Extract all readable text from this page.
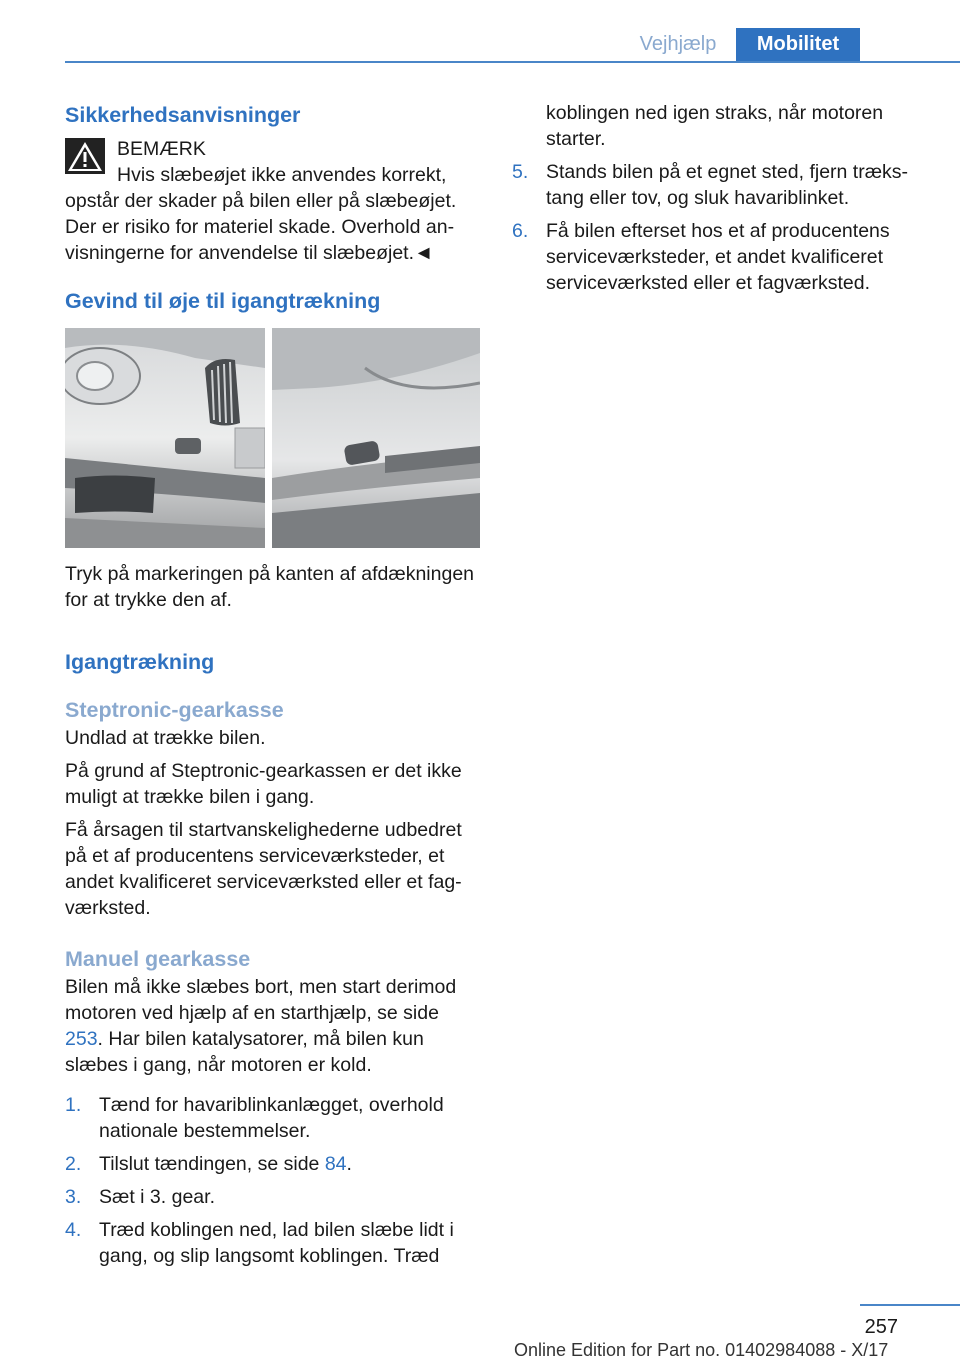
Vejhjælp	Mobilitet
Sikkerhedsanvisninger
BEMÆRK
Hvis slæbeøjet ikke anvendes korrekt,
opstår der skader på bilen eller på slæbeøjet. Der er risiko for materiel skade. Overhold anvisningerne for anvendelse til slæbeøjet.◄
Gevind til øje til igangtrækning

Tryk på markeringen på kanten af afdækningen for at trykke den af.

Igangtrækning
Steptronic-gearkasse

Undlad at trække bilen.

På grund af Steptronic-gearkassen er det ikke muligt at trække bilen i gang.

Få årsagen til startvanskelighederne udbedret på et af producentens serviceværksteder, et andet kvalificeret serviceværksted eller et fagværksted.

Manuel gearkasse

Bilen må ikke slæbes bort, men start derimod motoren ved hjælp af en starthjælp, se side 253. Har bilen katalysatorer, må bilen kun slæbes i gang, når motoren er kold.

1. Tænd for havariblinkanlægget, overhold nationale bestemmelser.
2. Tilslut tændingen, se side 84.
3. Sæt i 3. gear.
4. Træd koblingen ned, lad bilen slæbe lidt i gang, og slip langsomt koblingen. Træd

koblingen ned igen straks, når motoren starter.

5. Stands bilen på et egnet sted, fjern trækstang eller tov, og sluk havariblinket.
6. Få bilen efterset hos et af producentens serviceværksteder, et andet kvalificeret serviceværksted eller et fagværksted.
257
Online Edition for Part no. 01402984088 - X/17
